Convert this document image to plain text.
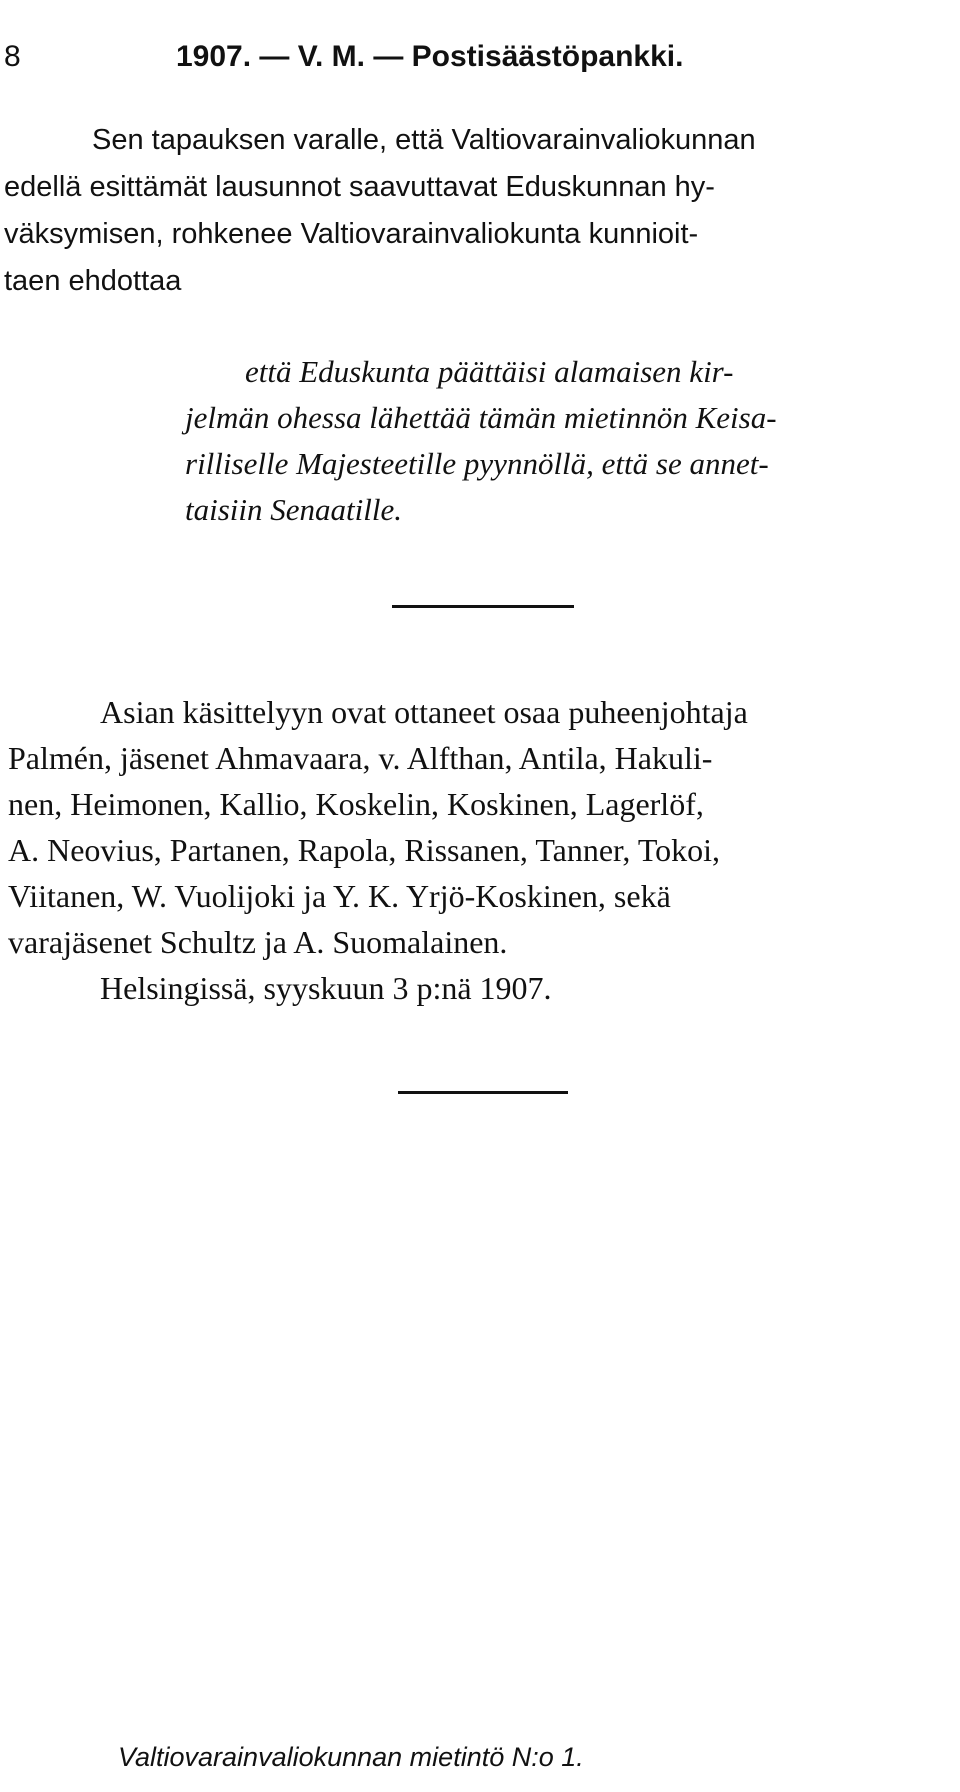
8	1907. — V. M. — Postisäästöpankki.
Sen tapauksen varalle, että Valtiovarainvaliokunnan
edellä esittämät lausunnot saavuttavat Eduskunnan hy-
väksymisen, rohkenee Valtiovarainvaliokunta kunnioit-
taen ehdottaa
että Eduskunta päättäisi alamaisen kir-
jelmän ohessa lähettää tämän mietinnön Keisa-
rilliselle Majesteetille pyynnöllä, että se annet-
taisiin Senaatille.
Asian käsittelyyn ovat ottaneet osaa puheenjohtaja
Palmén, jäsenet Ahmavaara, v. Alfthan, Antila, Hakuli-
nen, Heimonen, Kallio, Koskelin, Koskinen, Lagerlöf,
A. Neovius, Partanen, Rapola, Rissanen, Tanner, Tokoi,
Viitanen, W. Vuolijoki ja Y. K. Yrjö-Koskinen, sekä
varajäsenet Schultz ja A. Suomalainen.
Helsingissä, syyskuun 3 p:nä 1907.
Valtiovarainvaliokunnan mietintö N:o 1.
